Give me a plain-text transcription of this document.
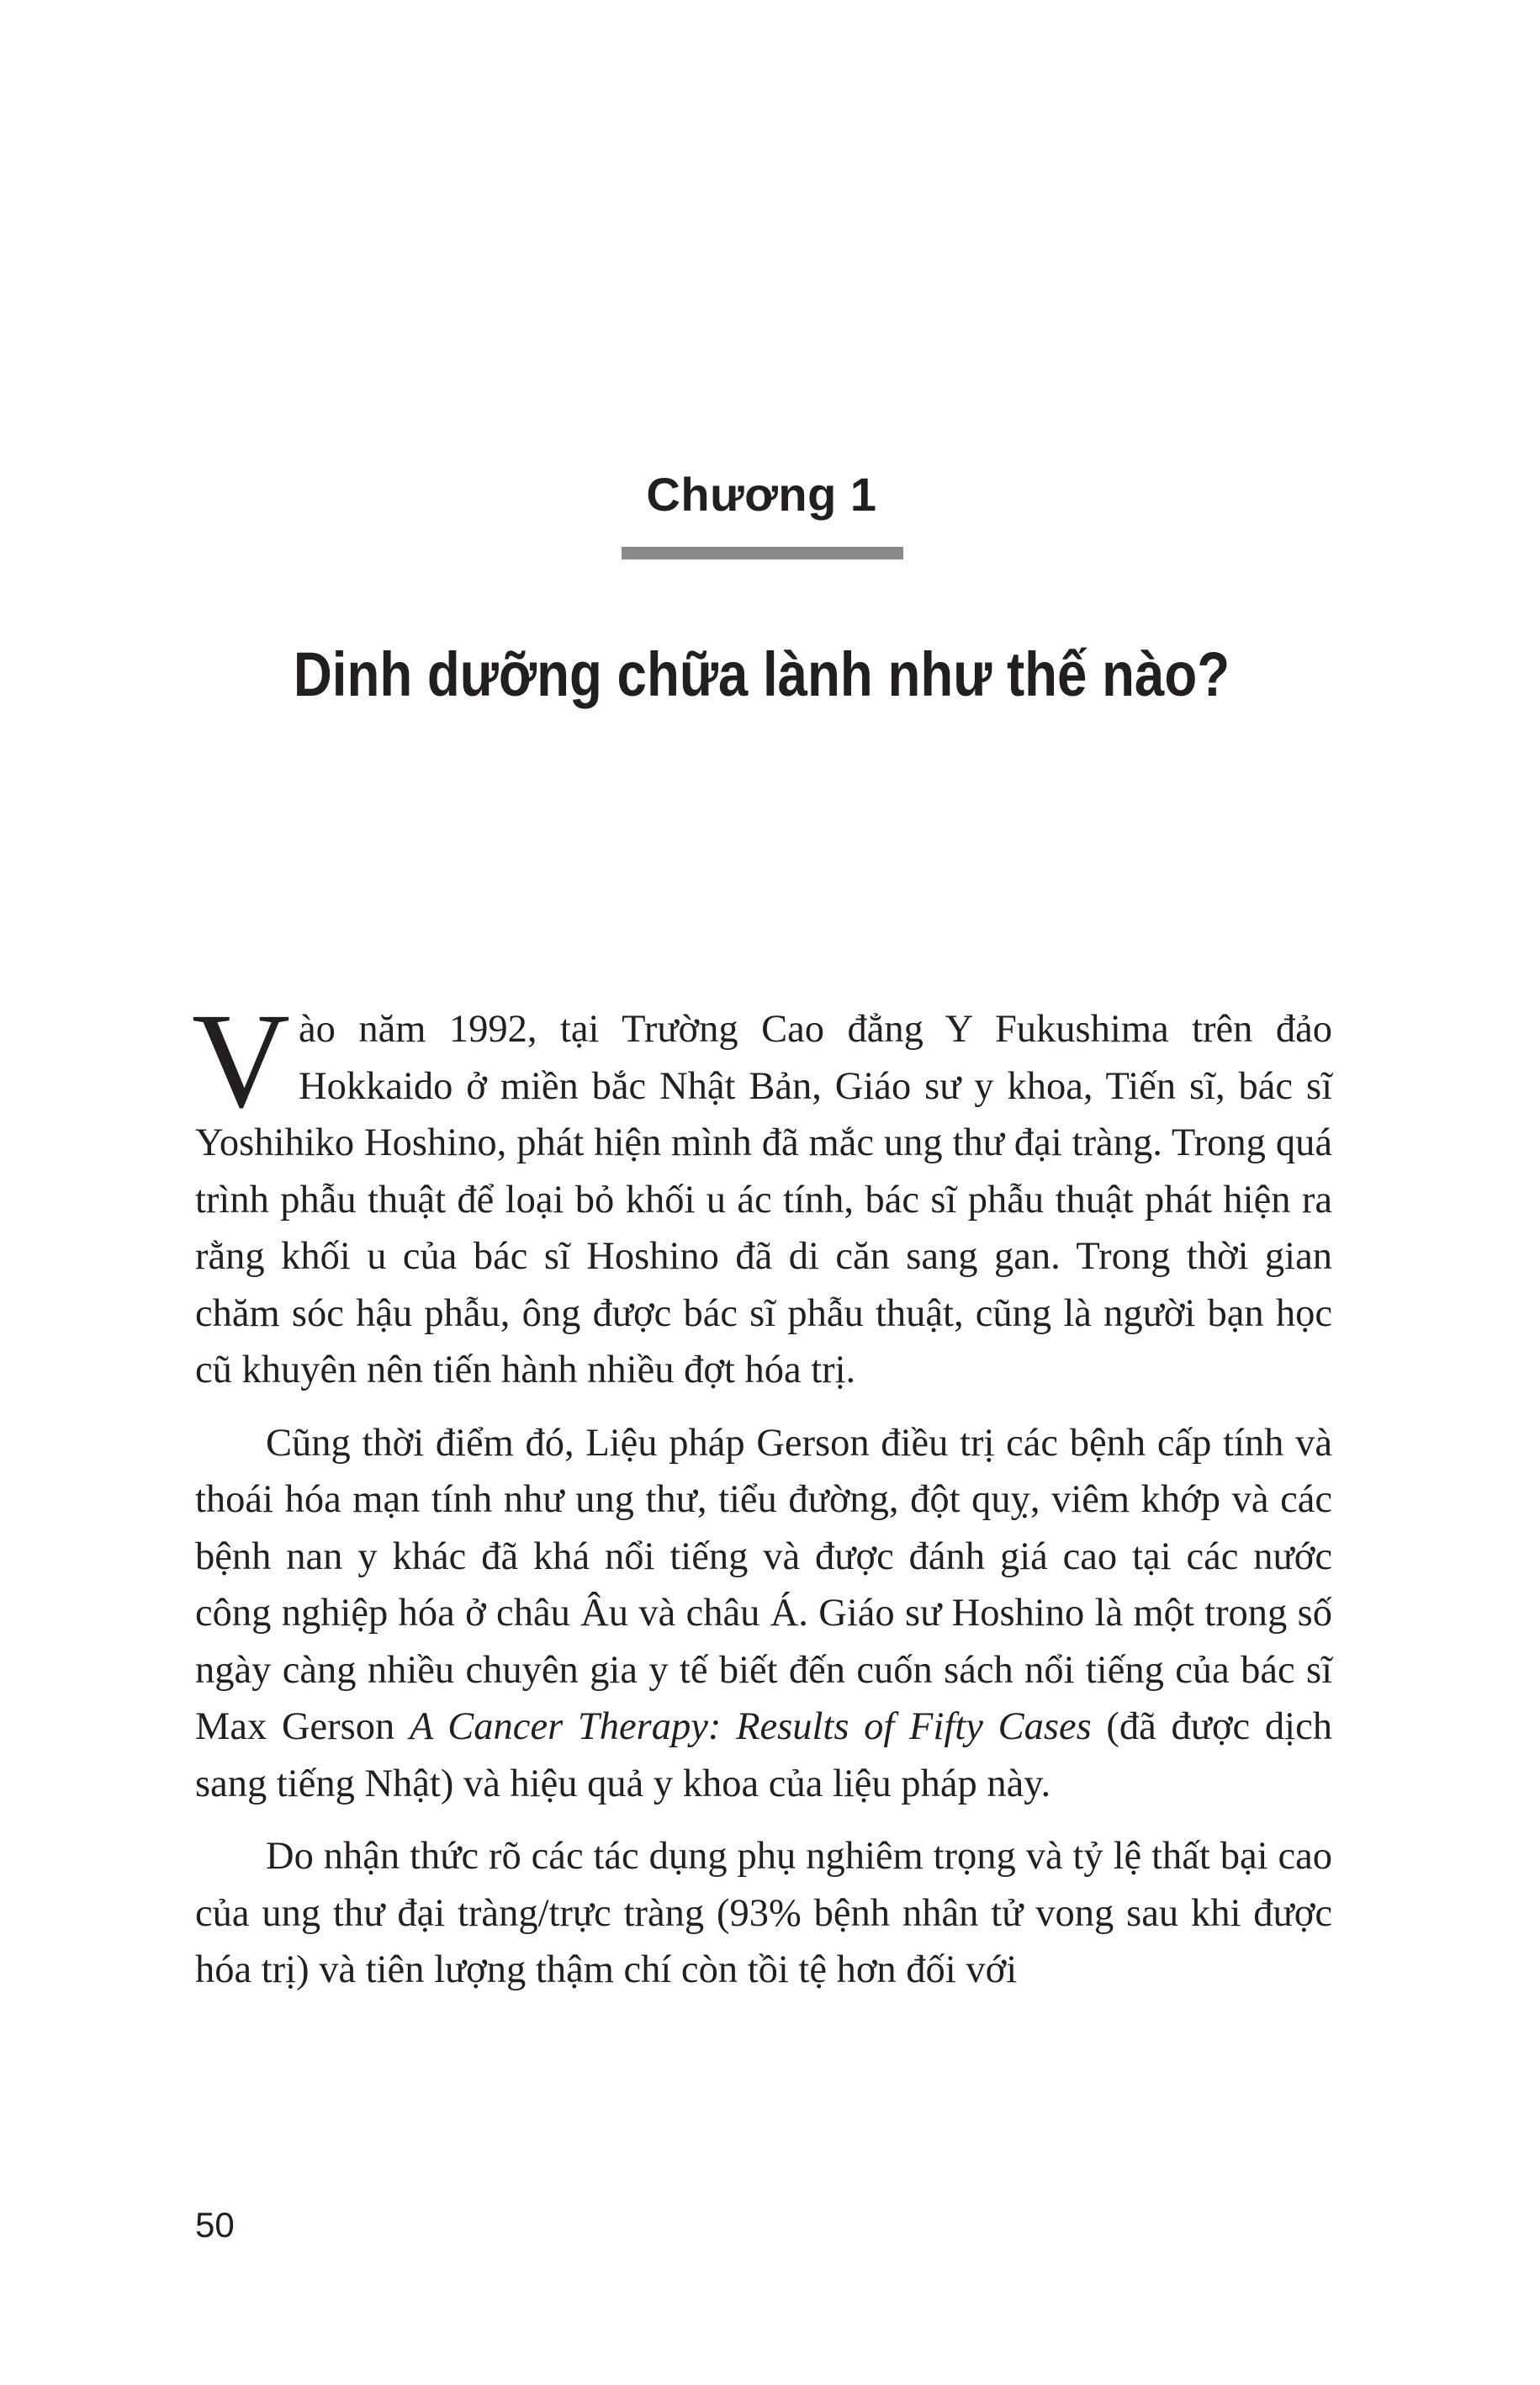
Chương 1
Dinh dưỡng chữa lành như thế nào?

Vào năm 1992, tại Trường Cao đẳng Y Fukushima trên đảo Hokkaido ở miền bắc Nhật Bản, Giáo sư y khoa, Tiến sĩ, bác sĩ Yoshihiko Hoshino, phát hiện mình đã mắc ung thư đại tràng. Trong quá trình phẫu thuật để loại bỏ khối u ác tính, bác sĩ phẫu thuật phát hiện ra rằng khối u của bác sĩ Hoshino đã di căn sang gan. Trong thời gian chăm sóc hậu phẫu, ông được bác sĩ phẫu thuật, cũng là người bạn học cũ khuyên nên tiến hành nhiều đợt hóa trị.

Cũng thời điểm đó, Liệu pháp Gerson điều trị các bệnh cấp tính và thoái hóa mạn tính như ung thư, tiểu đường, đột quỵ, viêm khớp và các bệnh nan y khác đã khá nổi tiếng và được đánh giá cao tại các nước công nghiệp hóa ở châu Âu và châu Á. Giáo sư Hoshino là một trong số ngày càng nhiều chuyên gia y tế biết đến cuốn sách nổi tiếng của bác sĩ Max Gerson A Cancer Therapy: Results of Fifty Cases (đã được dịch sang tiếng Nhật) và hiệu quả y khoa của liệu pháp này.

Do nhận thức rõ các tác dụng phụ nghiêm trọng và tỷ lệ thất bại cao của ung thư đại tràng/trực tràng (93% bệnh nhân tử vong sau khi được hóa trị) và tiên lượng thậm chí còn tồi tệ hơn đối với

50
